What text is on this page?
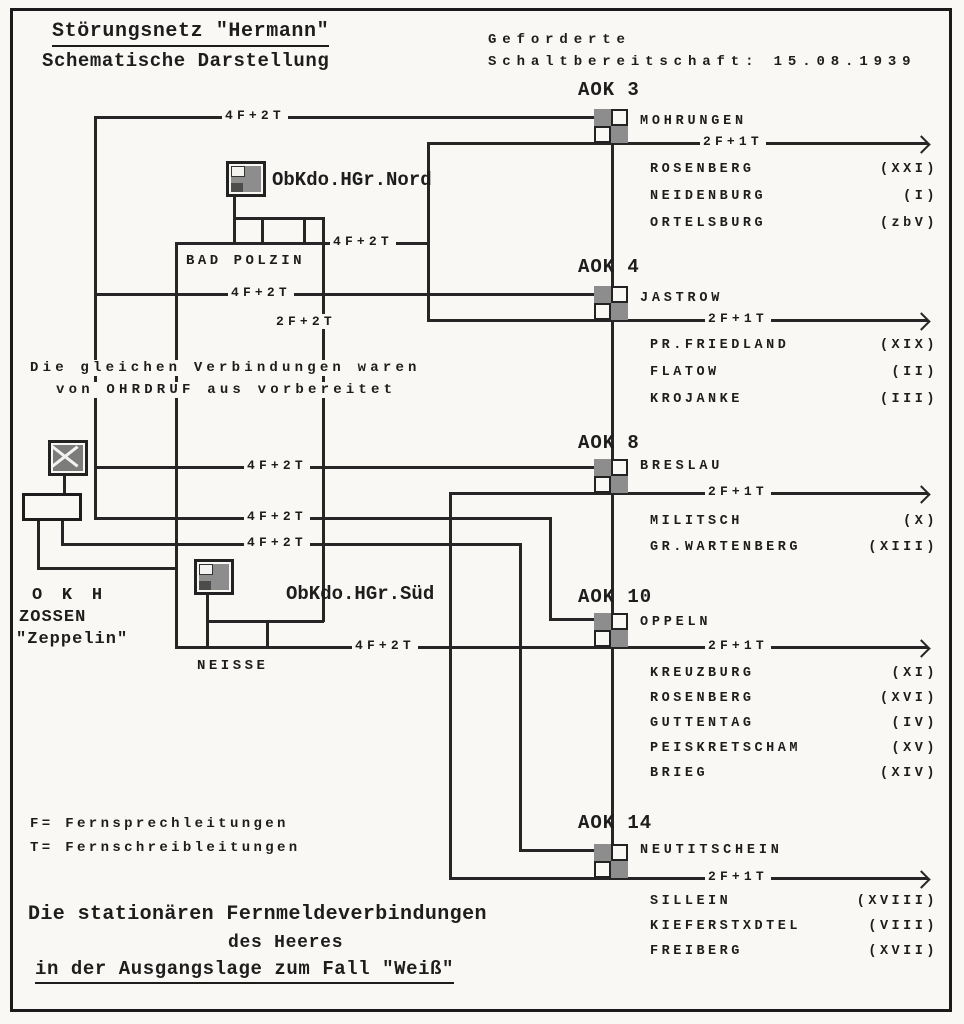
Störungsnetz "Hermann"
Schematische Darstellung
Geforderte
Schaltbereitschaft: 15.08.1939
4F+2T
4F+2T
4F+2T
2F+2T
4F+2T
4F+2T
4F+2T
4F+2T
2F+1T
2F+1T
2F+1T
2F+1T
2F+1T
ObKdo.HGr.Nord
BAD POLZIN
ObKdo.HGr.Süd
NEISSE
O K H
ZOSSEN
"Zeppelin"
Die gleichen Verbindungen waren
von OHRDRUF aus vorbereitet
AOK 3
AOK 4
AOK 8
AOK 10
AOK 14
MOHRUNGEN
JASTROW
BRESLAU
OPPELN
NEUTITSCHEIN
ROSENBERG	(XXI)
NEIDENBURG	(I)
ORTELSBURG	(zbV)
PR.FRIEDLAND	(XIX)
FLATOW	(II)
KROJANKE	(III)
MILITSCH	(X)
GR.WARTENBERG	(XIII)
KREUZBURG	(XI)
ROSENBERG	(XVI)
GUTTENTAG	(IV)
PEISKRETSCHAM	(XV)
BRIEG	(XIV)
SILLEIN	(XVIII)
KIEFERSTXDTEL	(VIII)
FREIBERG	(XVII)
F= Fernsprechleitungen
T= Fernschreibleitungen
Die stationären Fernmeldeverbindungen
des Heeres
in der Ausgangslage zum Fall "Weiß"
